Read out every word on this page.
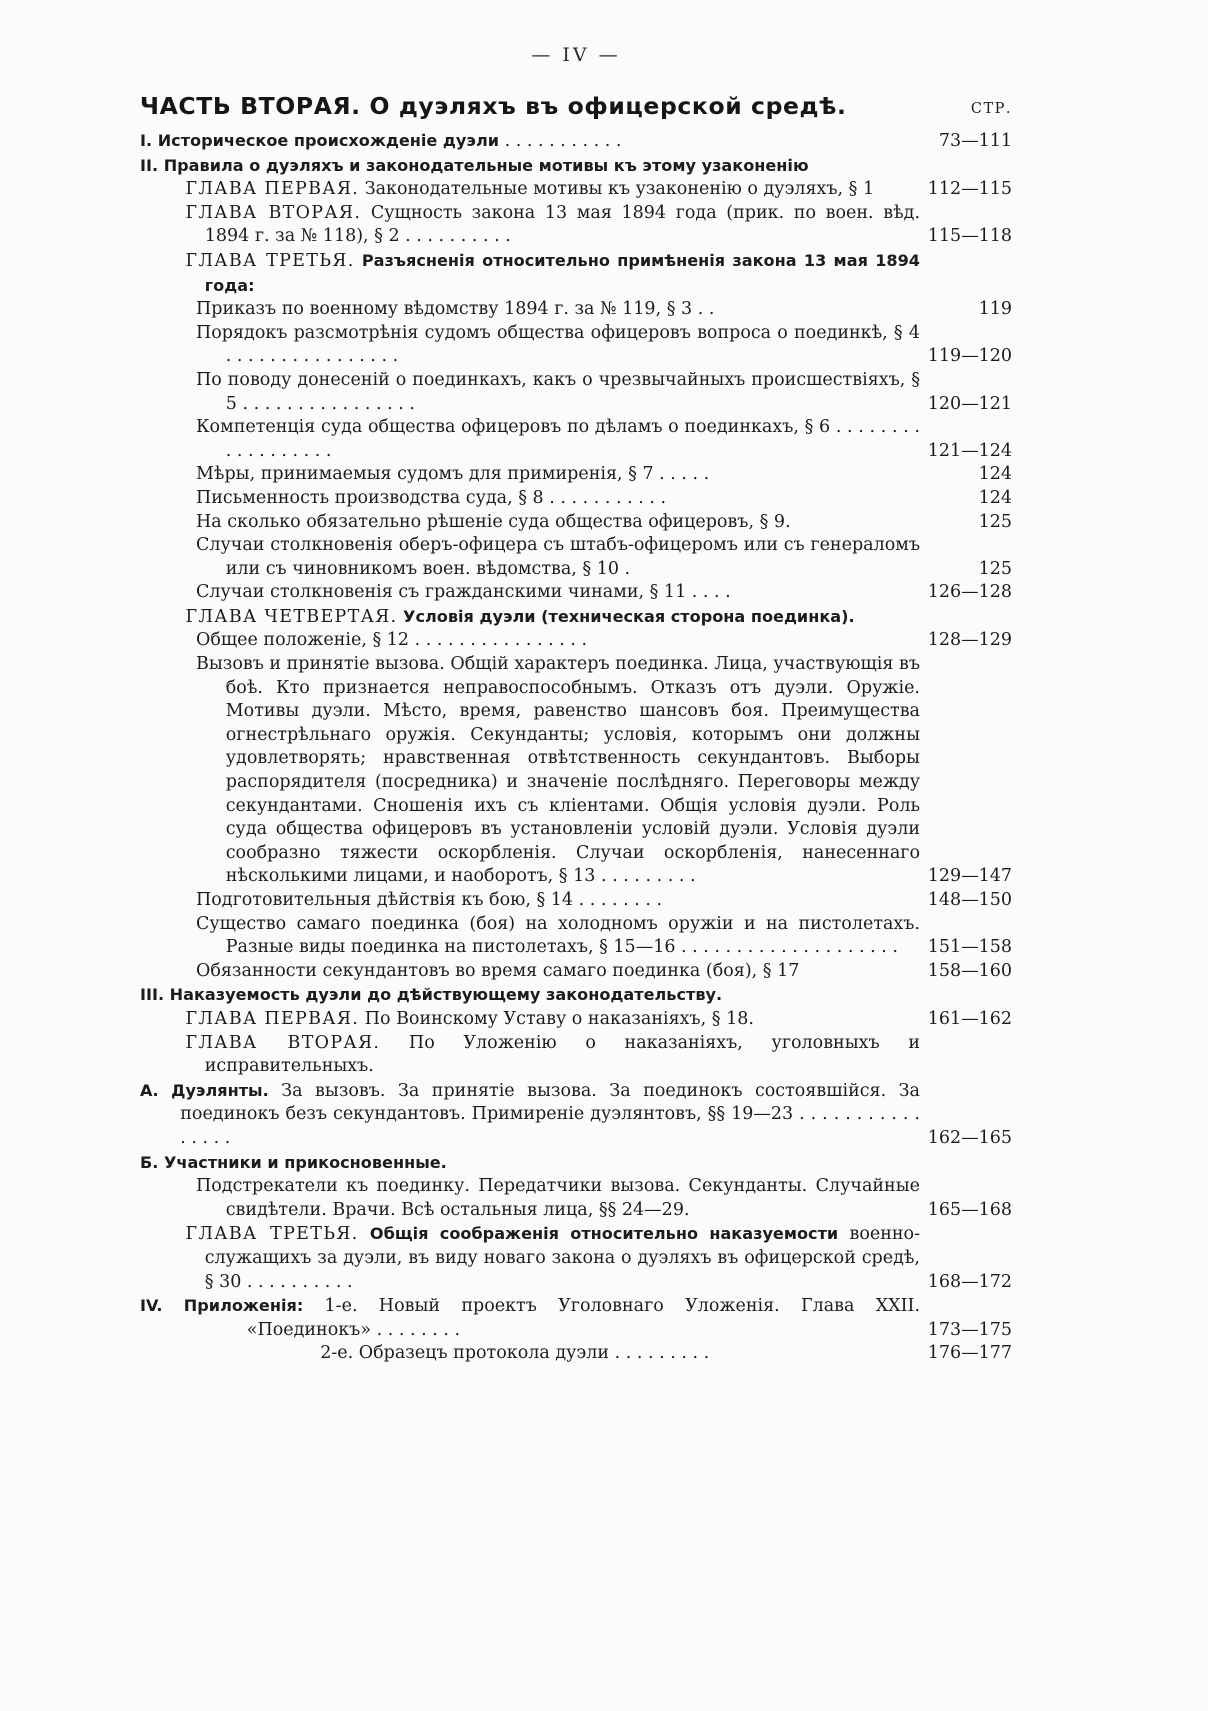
— IV —
ЧАСТЬ ВТОРАЯ. О дуэляхъ въ офицерской средѣ.	СТР.
I. Историческое происхожденіе дуэли . . . . . . . . . . .	73—111
II. Правила о дуэляхъ и законодательные мотивы къ этому узаконенію
ГЛАВА ПЕРВАЯ. Законодательные мотивы къ узаконенію о дуэляхъ, § 1	112—115
ГЛАВА ВТОРАЯ. Сущность закона 13 мая 1894 года (прик. по воен. вѣд. 1894 г. за № 118), § 2 . . . . . . . . . .	115—118
ГЛАВА ТРЕТЬЯ. Разъясненія относительно примѣненія закона 13 мая 1894 года:
Приказъ по военному вѣдомству 1894 г. за № 119, § 3 . .	119
Порядокъ разсмотрѣнія судомъ общества офицеровъ вопроса о поединкѣ, § 4 . . . . . . . . . . . . . . . .	119—120
По поводу донесеній о поединкахъ, какъ о чрезвычайныхъ происшествіяхъ, § 5 . . . . . . . . . . . . . . . .	120—121
Компетенція суда общества офицеровъ по дѣламъ о поединкахъ, § 6 . . . . . . . . . . . . . . . . . .	121—124
Мѣры, принимаемыя судомъ для примиренія, § 7 . . . . .	124
Письменность производства суда, § 8 . . . . . . . . . . .	124
На сколько обязательно рѣшеніе суда общества офицеровъ, § 9.	125
Случаи столкновенія оберъ-офицера съ штабъ-офицеромъ или съ генераломъ или съ чиновникомъ воен. вѣдомства, § 10 .	125
Случаи столкновенія съ гражданскими чинами, § 11 . . . .	126—128
ГЛАВА ЧЕТВЕРТАЯ. Условія дуэли (техническая сторона поединка).
Общее положеніе, § 12 . . . . . . . . . . . . . . . .	128—129
Вызовъ и принятіе вызова. Общій характеръ поединка. Лица, участвующія въ боѣ. Кто признается неправоспособнымъ. Отказъ отъ дуэли. Оружіе. Мотивы дуэли. Мѣсто, время, равенство шансовъ боя. Преимущества огнестрѣльнаго оружія. Секунданты; условія, которымъ они должны удовлетворять; нравственная отвѣтственность секундантовъ. Выборы распорядителя (посредника) и значеніе послѣдняго. Переговоры между секундантами. Сношенія ихъ съ кліентами. Общія условія дуэли. Роль суда общества офицеровъ въ установленіи условій дуэли. Условія дуэли сообразно тяжести оскорбленія. Случаи оскорбленія, нанесеннаго нѣсколькими лицами, и наоборотъ, § 13 . . . . . . . . .	129—147
Подготовительныя дѣйствія къ бою, § 14 . . . . . . . .	148—150
Существо самаго поединка (боя) на холодномъ оружіи и на пистолетахъ. Разные виды поединка на пистолетахъ, § 15—16 . . . . . . . . . . . . . . . . . . . .	151—158
Обязанности секундантовъ во время самаго поединка (боя), § 17	158—160
III. Наказуемость дуэли до дѣйствующему законодательству.
ГЛАВА ПЕРВАЯ. По Воинскому Уставу о наказаніяхъ, § 18.	161—162
ГЛАВА ВТОРАЯ. По Уложенію о наказаніяхъ, уголовныхъ и исправительныхъ.
А. Дуэлянты. За вызовъ. За принятіе вызова. За поединокъ состоявшійся. За поединокъ безъ секундантовъ. Примиреніе дуэлянтовъ, §§ 19—23 . . . . . . . . . . . . . . . .	162—165
Б. Участники и прикосновенные.
Подстрекатели къ поединку. Передатчики вызова. Секунданты. Случайные свидѣтели. Врачи. Всѣ остальныя лица, §§ 24—29.	165—168
ГЛАВА ТРЕТЬЯ. Общія соображенія относительно наказуемости военно-служащихъ за дуэли, въ виду новаго закона о дуэляхъ въ офицерской средѣ, § 30 . . . . . . . . . .	168—172
IV. Приложенія: 1-е. Новый проектъ Уголовнаго Уложенія. Глава XXII. «Поединокъ» . . . . . . . .	173—175
2-е. Образецъ протокола дуэли . . . . . . . . .	176—177
